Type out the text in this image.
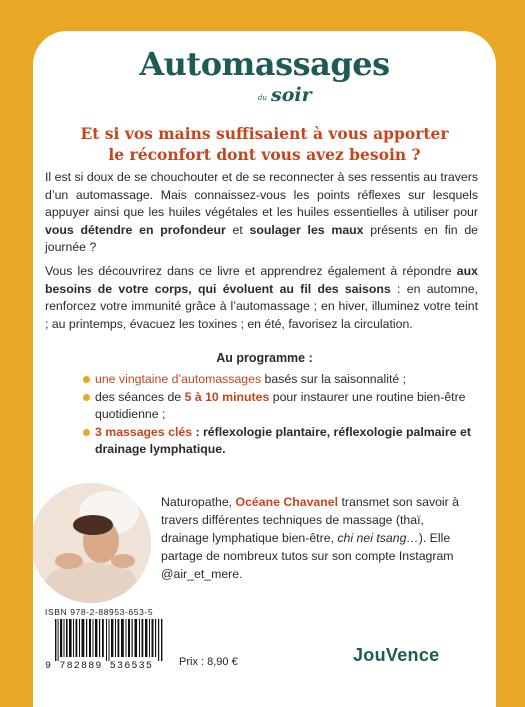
Automassages
du soir
Et si vos mains suffisaient à vous apporter
le réconfort dont vous avez besoin ?

Il est si doux de se chouchouter et de se reconnecter à ses ressentis au travers d’un automassage. Mais connaissez-vous les points réflexes sur lesquels appuyer ainsi que les huiles végétales et les huiles essentielles à utiliser pour vous détendre en profondeur et soulager les maux présents en fin de journée ?

Vous les découvrirez dans ce livre et apprendrez également à répondre aux besoins de votre corps, qui évoluent au fil des saisons : en automne, renforcez votre immunité grâce à l’automassage ; en hiver, illuminez votre teint ; au printemps, évacuez les toxines ; en été, favorisez la circulation.

Au programme :
une vingtaine d’automassages basés sur la saisonnalité ;
des séances de 5 à 10 minutes pour instaurer une routine bien-être quotidienne ;
3 massages clés : réflexologie plantaire, réflexologie palmaire et drainage lymphatique.

Naturopathe, Océane Chavanel transmet son savoir à travers différentes techniques de massage (thaï, drainage lymphatique bien-être, chi nei tsang…). Elle partage de nombreux tutos sur son compte Instagram @air_et_mere.

ISBN 978-2-88953-653-5
9 782889 536535 Prix : 8,90 €	JouVence
